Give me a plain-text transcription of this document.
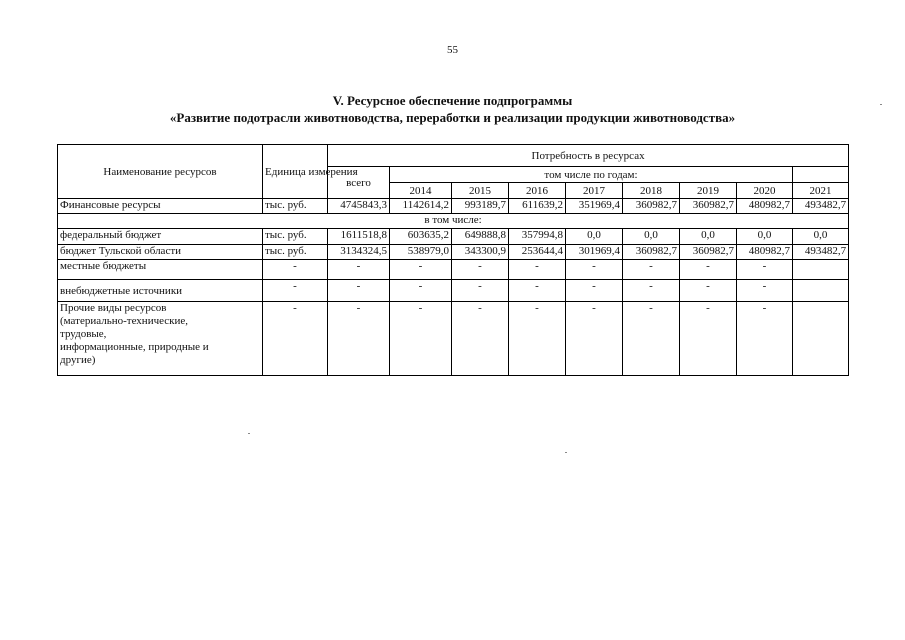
55
V. Ресурсное обеспечение подпрограммы
«Развитие подотрасли животноводства, переработки и реализации продукции животноводства»
Наименование ресурсов	Единица измерения	Потребность в ресурсах								
		всего	том числе по годам:							
			2014	2015	2016	2017	2018	2019	2020	2021
Финансовые ресурсы	тыс. руб.	4745843,3	1142614,2	993189,7	611639,2	351969,4	360982,7	360982,7	480982,7	493482,7
в том числе:										
федеральный бюджет	тыс. руб.	1611518,8	603635,2	649888,8	357994,8	0,0	0,0	0,0	0,0	0,0
бюджет Тульской области	тыс. руб.	3134324,5	538979,0	343300,9	253644,4	301969,4	360982,7	360982,7	480982,7	493482,7
местные бюджеты	-	-	-	-	-	-	-	-	-	
внебюджетные источники	-	-	-	-	-	-	-	-	-	

Прочие виды ресурсов
(материально-технические,
трудовые,
информационные, природные и
другие)	-	-	-	-	-	-	-	-	-	
